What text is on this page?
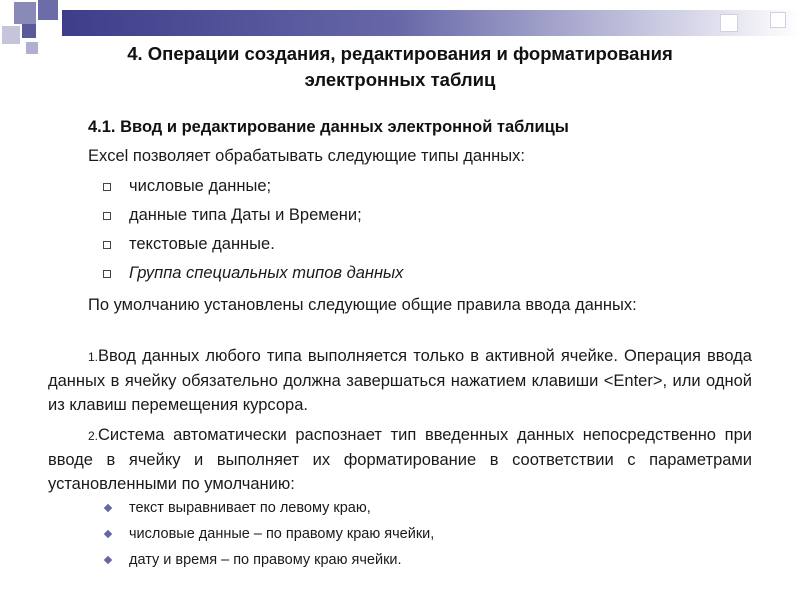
4. Операции создания, редактирования и форматирования
электронных таблиц
4.1. Ввод и редактирование данных электронной таблицы
Excel позволяет обрабатывать следующие типы данных:
числовые данные;
данные типа Даты и Времени;
текстовые данные.
Группа специальных типов данных
По умолчанию установлены следующие общие правила ввода данных:
1.Ввод данных любого типа выполняется только в активной ячейке. Операция ввода данных в ячейку обязательно должна завершаться нажатием клавиши <Enter>, или одной из клавиш перемещения курсора.
2.Система автоматически распознает тип введенных данных непосредственно при вводе в ячейку и выполняет их форматирование в соответствии с параметрами установленными по умолчанию:
текст выравнивает по левому краю,
числовые данные – по правому краю ячейки,
дату и время – по правому краю ячейки.
